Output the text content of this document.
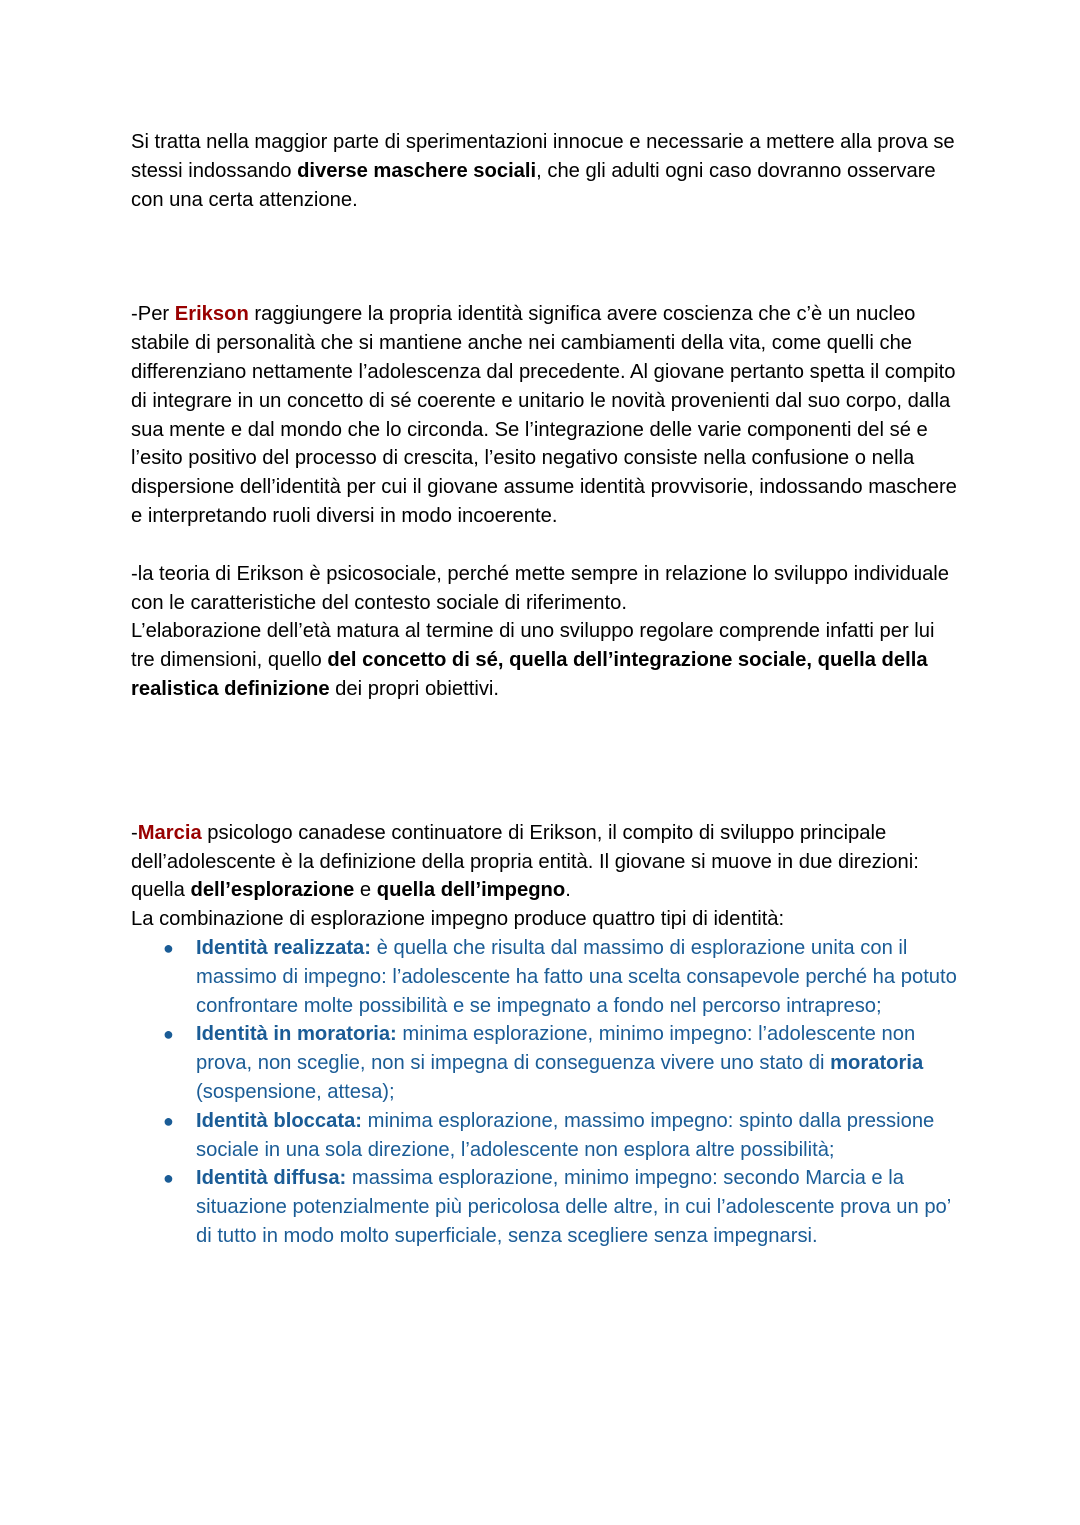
Si tratta nella maggior parte di sperimentazioni innocue e necessarie a mettere alla prova se stessi indossando diverse maschere sociali, che gli adulti ogni caso dovranno osservare con una certa attenzione.

-Per Erikson raggiungere la propria identità significa avere coscienza che c’è un nucleo stabile di personalità che si mantiene anche nei cambiamenti della vita, come quelli che differenziano nettamente l’adolescenza dal precedente. Al giovane pertanto spetta il compito di integrare in un concetto di sé coerente e unitario le novità provenienti dal suo corpo, dalla sua mente e dal mondo che lo circonda. Se l’integrazione delle varie componenti del sé e l’esito positivo del processo di crescita, l’esito negativo consiste nella confusione o nella dispersione dell’identità per cui il giovane assume identità provvisorie, indossando maschere e interpretando ruoli diversi in modo incoerente.

-la teoria di Erikson è psicosociale, perché mette sempre in relazione lo sviluppo individuale con le caratteristiche del contesto sociale di riferimento.

L’elaborazione dell’età matura al termine di uno sviluppo regolare comprende infatti per lui tre dimensioni, quello del concetto di sé, quella dell’integrazione sociale, quella della realistica definizione dei propri obiettivi.

-Marcia psicologo canadese continuatore di Erikson, il compito di sviluppo principale dell’adolescente è la definizione della propria entità. Il giovane si muove in due direzioni: quella dell’esplorazione e quella dell’impegno.

La combinazione di esplorazione impegno produce quattro tipi di identità:

● Identità realizzata: è quella che risulta dal massimo di esplorazione unita con il massimo di impegno: l’adolescente ha fatto una scelta consapevole perché ha potuto confrontare molte possibilità e se impegnato a fondo nel percorso intrapreso;
● Identità in moratoria: minima esplorazione, minimo impegno: l’adolescente non prova, non sceglie, non si impegna di conseguenza vivere uno stato di moratoria (sospensione, attesa);
● Identità bloccata: minima esplorazione, massimo impegno: spinto dalla pressione sociale in una sola direzione, l’adolescente non esplora altre possibilità;
● Identità diffusa: massima esplorazione, minimo impegno: secondo Marcia e la situazione potenzialmente più pericolosa delle altre, in cui l’adolescente prova un po’ di tutto in modo molto superficiale, senza scegliere senza impegnarsi.
